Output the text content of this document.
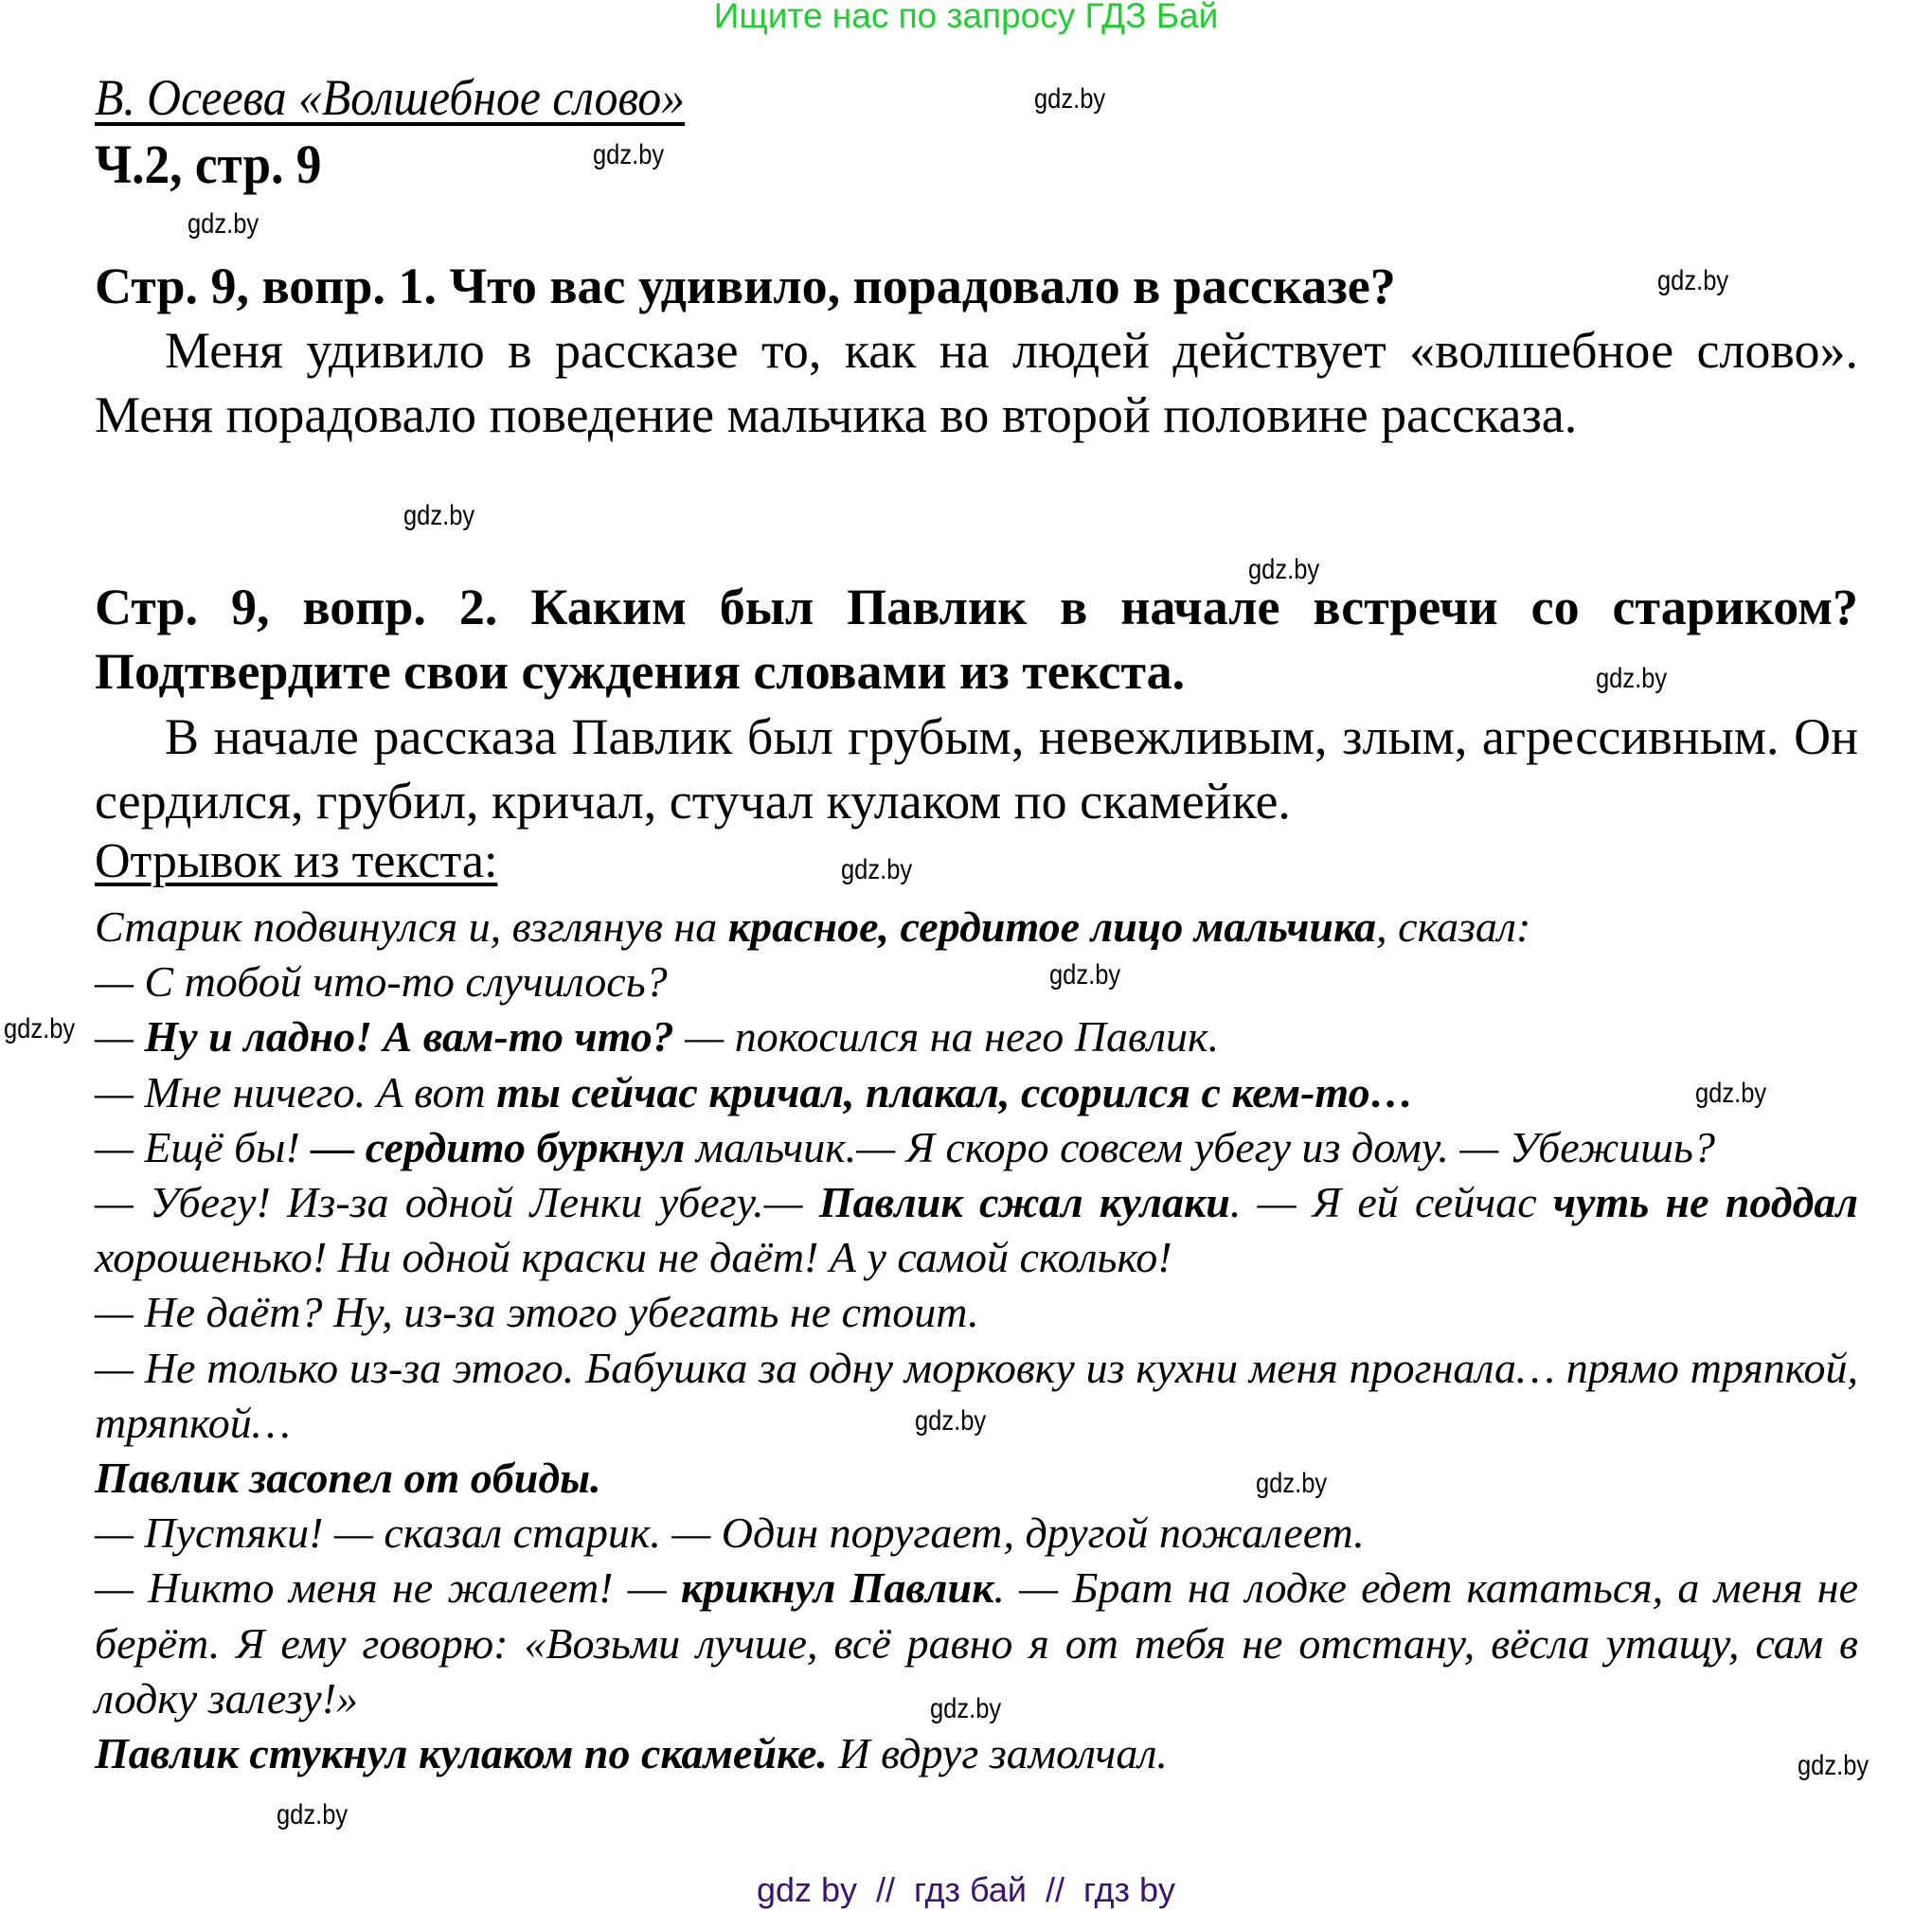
Ищите нас по запросу ГДЗ Бай
В. Осеева «Волшебное слово»
Ч.2, стр. 9
Стр. 9, вопр. 1. Что вас удивило, порадовало в рассказе?
Меня удивило в рассказе то, как на людей действует «волшебное слово». Меня порадовало поведение мальчика во второй половине рассказа.
Стр. 9, вопр. 2. Каким был Павлик в начале встречи со стариком? Подтвердите свои суждения словами из текста.
В начале рассказа Павлик был грубым, невежливым, злым, агрессивным. Он сердился, грубил, кричал, стучал кулаком по скамейке.
Отрывок из текста:

Старик подвинулся и, взглянув на красное, сердитое лицо мальчика, сказал:

— С тобой что-то случилось?

— Ну и ладно! А вам-то что? — покосился на него Павлик.

— Мне ничего. А вот ты сейчас кричал, плакал, ссорился с кем-то…

— Ещё бы! — сердито буркнул мальчик.— Я скоро совсем убегу из дому. — Убежишь?

— Убегу! Из-за одной Ленки убегу.— Павлик сжал кулаки. — Я ей сейчас чуть не поддал хорошенько! Ни одной краски не даёт! А у самой сколько!

— Не даёт? Ну, из-за этого убегать не стоит.

— Не только из-за этого. Бабушка за одну морковку из кухни меня прогнала… прямо тряпкой, тряпкой…

Павлик засопел от обиды.

— Пустяки! — сказал старик. — Один поругает, другой пожалеет.

— Никто меня не жалеет! — крикнул Павлик. — Брат на лодке едет кататься, а меня не берёт. Я ему говорю: «Возьми лучше, всё равно я от тебя не отстану, вёсла утащу, сам в лодку залезу!»

Павлик стукнул кулаком по скамейке. И вдруг замолчал.

gdz.by
gdz.by
gdz.by
gdz.by
gdz.by
gdz.by
gdz.by
gdz.by
gdz.by
gdz.by
gdz.by
gdz.by
gdz.by
gdz.by
gdz.by
gdz.by
gdz by // гдз бай // гдз by
